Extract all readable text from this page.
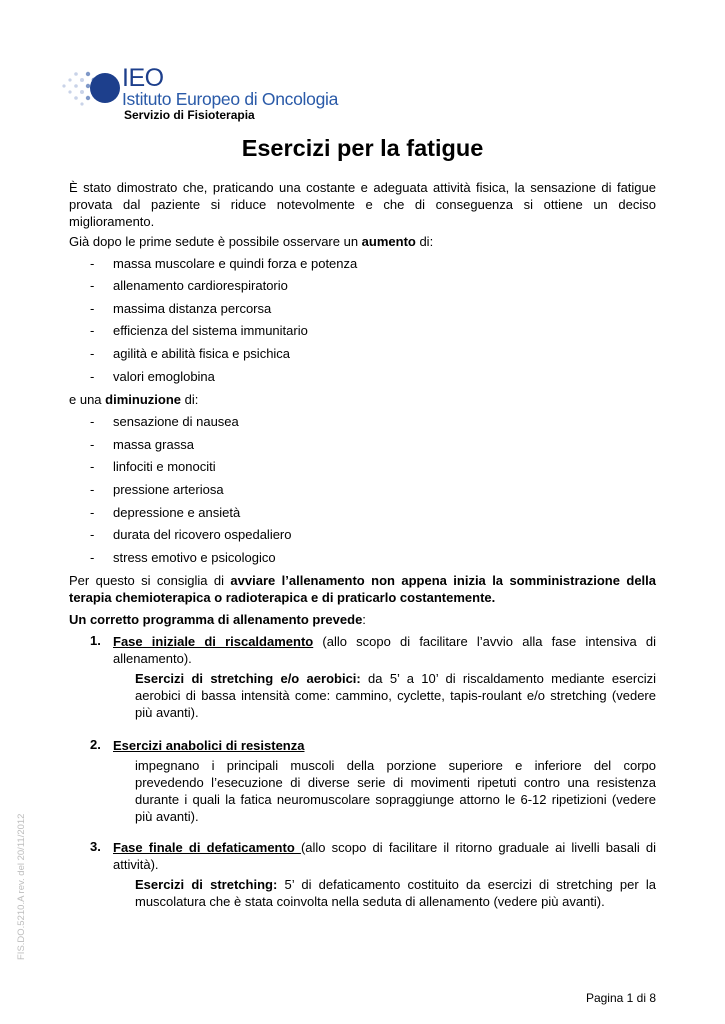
IEO
Istituto Europeo di Oncologia
Servizio di Fisioterapia
Esercizi per la fatigue

È stato dimostrato che, praticando una costante e adeguata attività fisica, la sensazione di fatigue

provata dal paziente si riduce notevolmente e che di conseguenza si ottiene un deciso

miglioramento.

Già dopo le prime sedute è possibile osservare un aumento di:
- massa muscolare e quindi forza e potenza
- allenamento cardiorespiratorio
- massima distanza percorsa
- efficienza del sistema immunitario
- agilità e abilità fisica e psichica
- valori emoglobina
e una diminuzione di:
- sensazione di nausea
- massa grassa
- linfociti e monociti
- pressione arteriosa
- depressione e ansietà
- durata del ricovero ospedaliero
- stress emotivo e psicologico

Per questo si consiglia di avviare l’allenamento non appena inizia la somministrazione della

terapia chemioterapica o radioterapica e di praticarlo costantemente.

Un corretto programma di allenamento prevede:
1. Fase iniziale di riscaldamento (allo scopo di facilitare l’avvio alla fase intensiva di

allenamento).

Esercizi di stretching e/o aerobici: da 5’ a 10’ di riscaldamento mediante esercizi

aerobici di bassa intensità come: cammino, cyclette, tapis-roulant e/o stretching (vedere

più avanti).

2. Esercizi anabolici di resistenza

impegnano i principali muscoli della porzione superiore e inferiore del corpo

prevedendo l’esecuzione di diverse serie di movimenti ripetuti contro una resistenza

durante i quali la fatica neuromuscolare sopraggiunge attorno le 6-12 ripetizioni (vedere

più avanti).

3. Fase finale di defaticamento (allo scopo di facilitare il ritorno graduale ai livelli basali di

attività).

Esercizi di stretching: 5’ di defaticamento costituito da esercizi di stretching per la

muscolatura che è stata coinvolta nella seduta di allenamento (vedere più avanti).

FIS.DO.5210.A rev. del 20/11/2012
Pagina 1 di 8
